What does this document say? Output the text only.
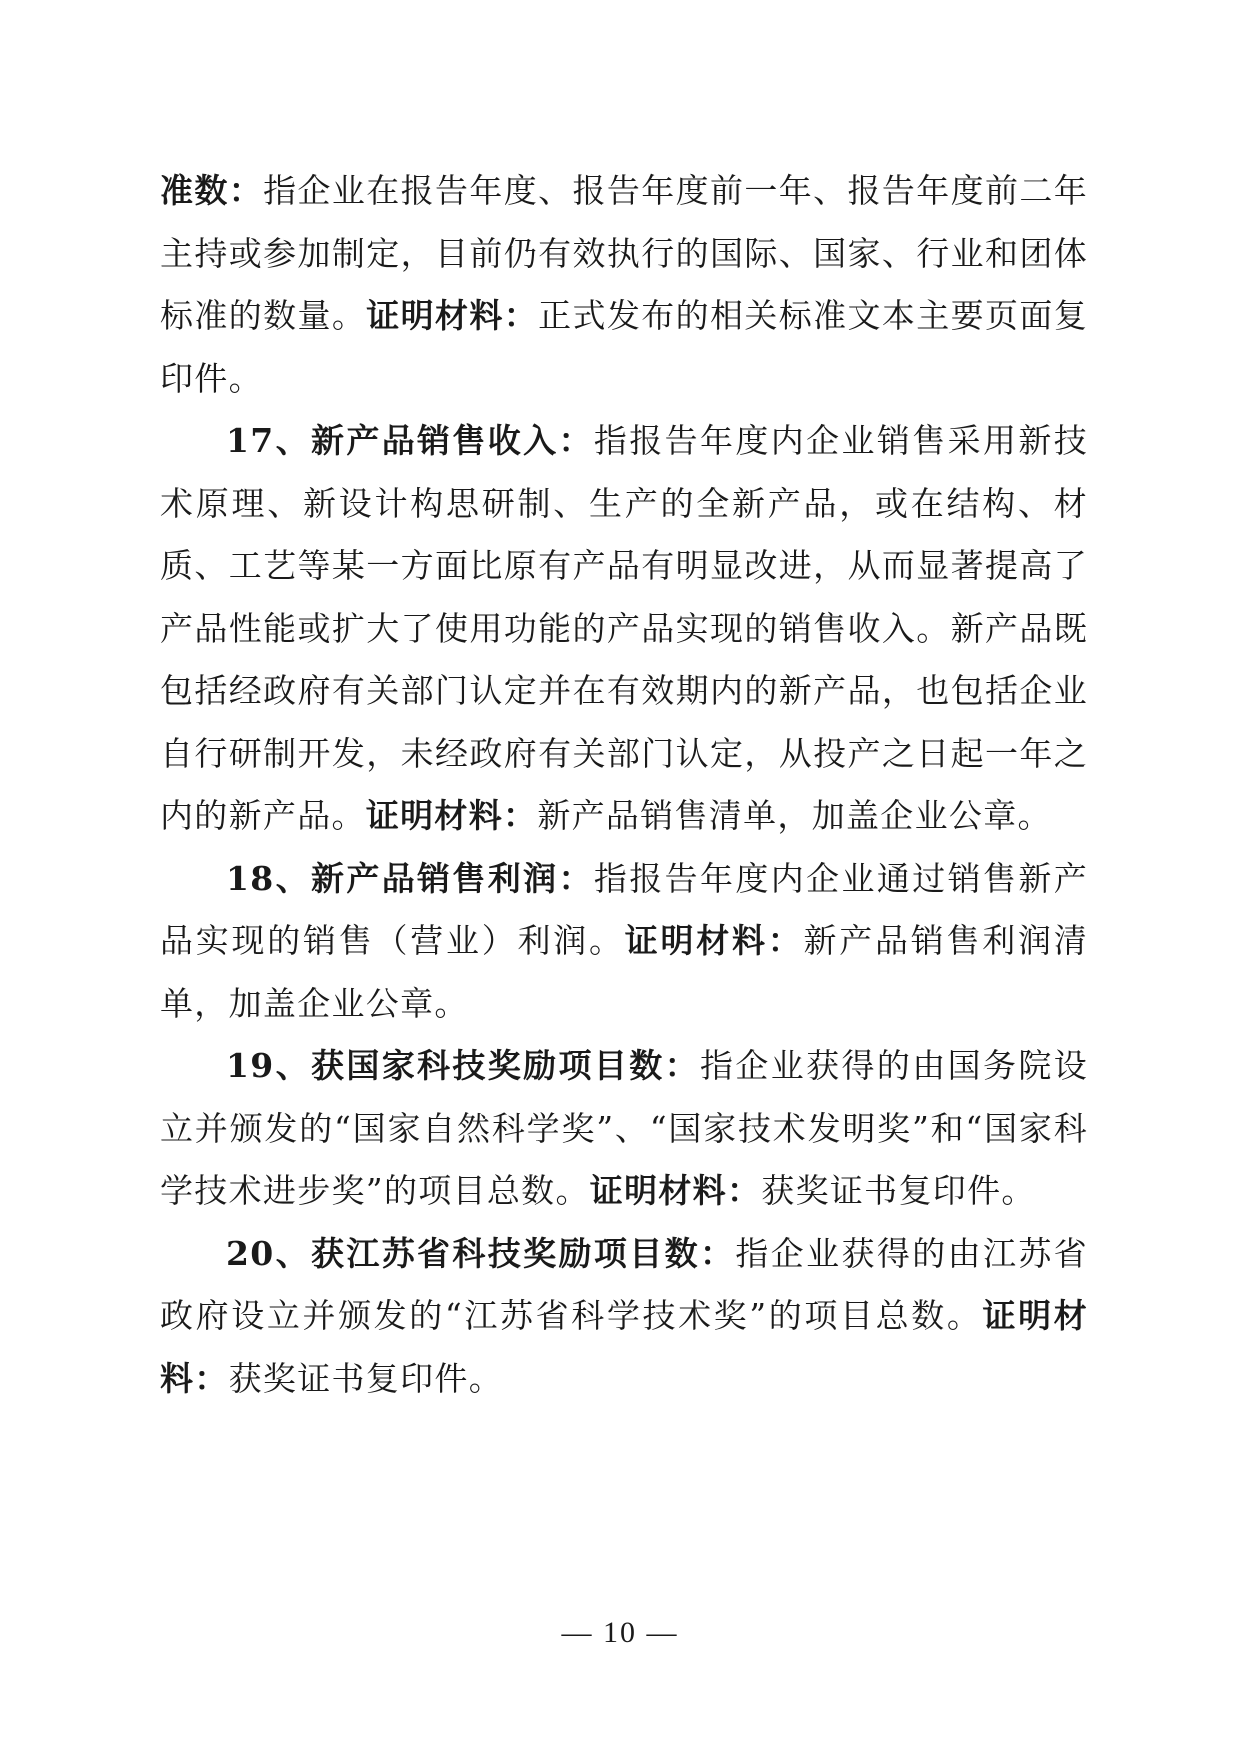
准数：指企业在报告年度、报告年度前一年、报告年度前二年主持或参加制定，目前仍有效执行的国际、国家、行业和团体标准的数量。证明材料：正式发布的相关标准文本主要页面复印件。

17、新产品销售收入：指报告年度内企业销售采用新技术原理、新设计构思研制、生产的全新产品，或在结构、材质、工艺等某一方面比原有产品有明显改进，从而显著提高了产品性能或扩大了使用功能的产品实现的销售收入。新产品既包括经政府有关部门认定并在有效期内的新产品，也包括企业自行研制开发，未经政府有关部门认定，从投产之日起一年之内的新产品。证明材料：新产品销售清单，加盖企业公章。

18、新产品销售利润：指报告年度内企业通过销售新产品实现的销售（营业）利润。证明材料：新产品销售利润清单，加盖企业公章。

19、获国家科技奖励项目数：指企业获得的由国务院设立并颁发的“国家自然科学奖”、“国家技术发明奖”和“国家科学技术进步奖”的项目总数。证明材料：获奖证书复印件。

20、获江苏省科技奖励项目数：指企业获得的由江苏省政府设立并颁发的“江苏省科学技术奖”的项目总数。证明材料：获奖证书复印件。

— 10 —
